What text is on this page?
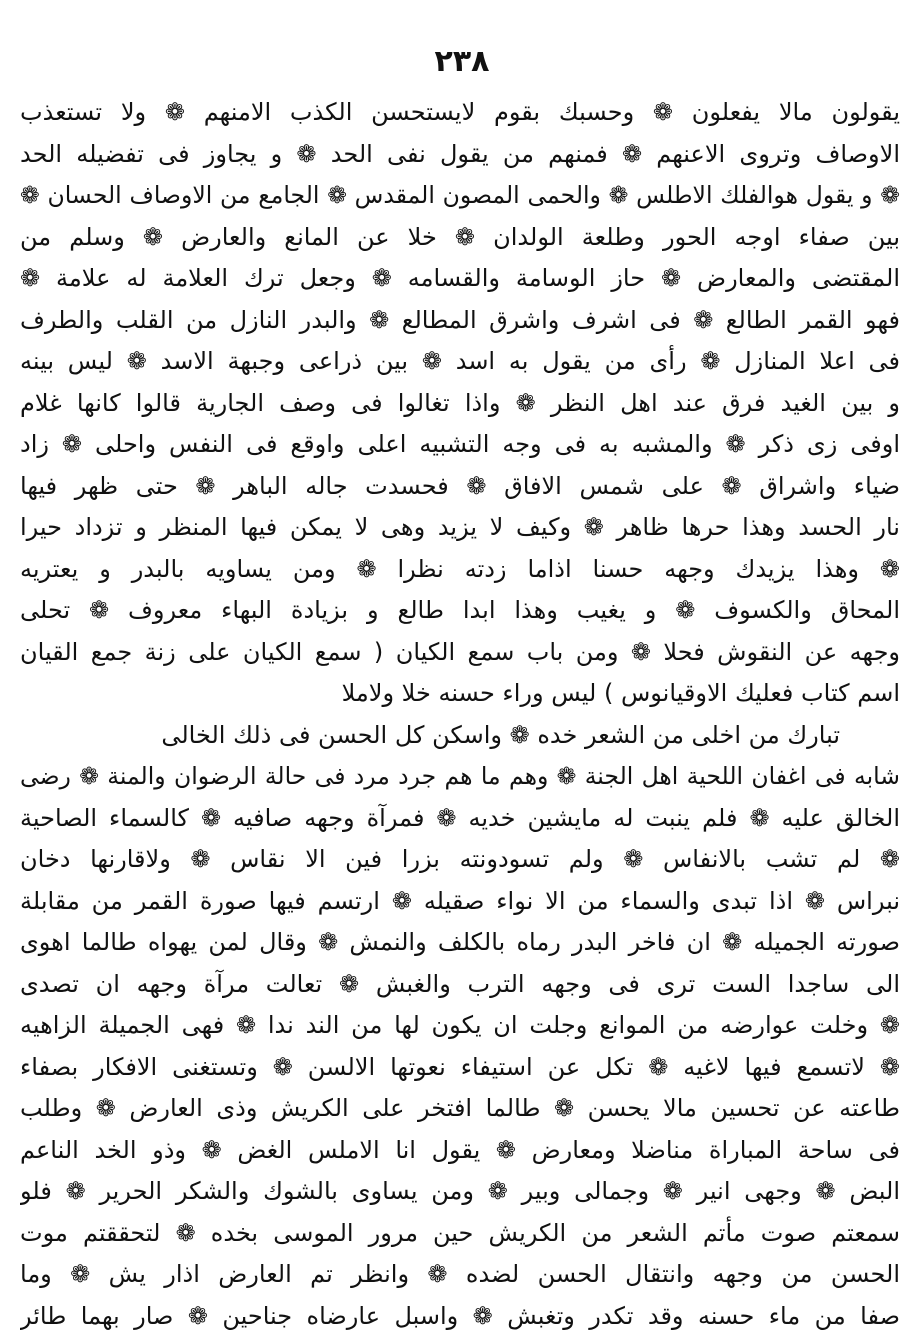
٢٣٨
يقولون مالا يفعلون ❁ وحسبك بقوم لايستحسن الكذب الامنهم ❁ ولا تستعذب
الاوصاف وتروى الاعنهم ❁ فمنهم من يقول نفى الحد ❁ و يجاوز فى تفضيله الحد
❁ و يقول هوالفلك الاطلس ❁ والحمى المصون المقدس ❁ الجامع من الاوصاف الحسان ❁
بين صفاء اوجه الحور وطلعة الولدان ❁ خلا عن المانع والعارض ❁ وسلم من
المقتضى والمعارض ❁ حاز الوسامة والقسامه ❁ وجعل ترك العلامة له علامة ❁
فهو القمر الطالع ❁ فى اشرف واشرق المطالع ❁ والبدر النازل من القلب والطرف
فى اعلا المنازل ❁ رأى من يقول به اسد ❁ بين ذراعى وجبهة الاسد ❁ ليس بينه
و بين الغيد فرق عند اهل النظر ❁ واذا تغالوا فى وصف الجارية قالوا كانها غلام
اوفى زى ذكر ❁ والمشبه به فى وجه التشبيه اعلى واوقع فى النفس واحلى ❁ زاد
ضياء واشراق ❁ على شمس الافاق ❁ فحسدت جاله الباهر ❁ حتى ظهر فيها
نار الحسد وهذا حرها ظاهر ❁ وكيف لا يزيد وهى لا يمكن فيها المنظر و تزداد حيرا
❁ وهذا يزيدك وجهه حسنا اذاما زدته نظرا ❁ ومن يساويه بالبدر و يعتريه
المحاق والكسوف ❁ و يغيب وهذا ابدا طالع و بزيادة البهاء معروف ❁ تحلى
وجهه عن النقوش فحلا ❁ ومن باب سمع الكيان ( سمع الكيان على زنة جمع القيان
اسم كتاب فعليك الاوقيانوس ) ليس وراء حسنه خلا ولاملا
تبارك من اخلى من الشعر خده ❁ واسكن كل الحسن فى ذلك الخالى
شابه فى اغفان اللحية اهل الجنة ❁ وهم ما هم جرد مرد فى حالة الرضوان والمنة ❁ رضى
الخالق عليه ❁ فلم ينبت له مايشين خديه ❁ فمرآة وجهه صافيه ❁ كالسماء الصاحية
❁ لم تشب بالانفاس ❁ ولم تسودونته بزرا فين الا نقاس ❁ ولاقارنها دخان
نبراس ❁ اذا تبدى والسماء من الا نواء صقيله ❁ ارتسم فيها صورة القمر من مقابلة
صورته الجميله ❁ ان فاخر البدر رماه بالكلف والنمش ❁ وقال لمن يهواه طالما اهوى
الى ساجدا الست ترى فى وجهه الترب والغبش ❁ تعالت مرآة وجهه ان تصدى
❁ وخلت عوارضه من الموانع وجلت ان يكون لها من الند ندا ❁ فهى الجميلة الزاهيه
❁ لاتسمع فيها لاغيه ❁ تكل عن استيفاء نعوتها الالسن ❁ وتستغنى الافكار بصفاء
طاعته عن تحسين مالا يحسن ❁ طالما افتخر على الكريش وذى العارض ❁ وطلب
فى ساحة المباراة مناضلا ومعارض ❁ يقول انا الاملس الغض ❁ وذو الخد الناعم
البض ❁ وجهى انير ❁ وجمالى وبير ❁ ومن يساوى بالشوك والشكر الحرير ❁ فلو
سمعتم صوت مأتم الشعر من الكريش حين مرور الموسى بخده ❁ لتحققتم موت
الحسن من وجهه وانتقال الحسن لضده ❁ وانظر تم العارض اذار يش ❁ وما
صفا من ماء حسنه وقد تكدر وتغبش ❁ واسبل عارضاه جناحين ❁ صار بهما طائر
